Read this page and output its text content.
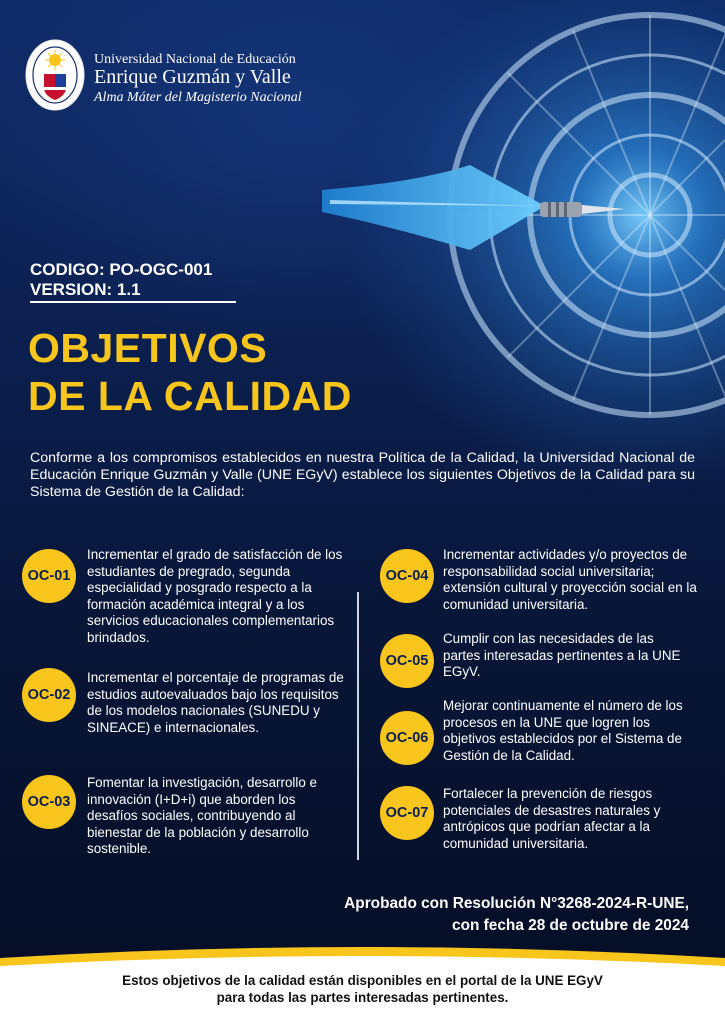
Universidad Nacional de Educación
Enrique Guzmán y Valle
Alma Máter del Magisterio Nacional
CODIGO: PO-OGC-001
VERSION: 1.1
OBJETIVOS
DE LA CALIDAD
Conforme a los compromisos establecidos en nuestra Política de la Calidad, la Universidad Nacional de Educación Enrique Guzmán y Valle (UNE EGyV) establece los siguientes Objetivos de la Calidad para su Sistema de Gestión de la Calidad:
OC-01
Incrementar el grado de satisfacción de los estudiantes de pregrado, segunda especialidad y posgrado respecto a la formación académica integral y a los servicios educacionales complementarios brindados.
OC-02
Incrementar el porcentaje de programas de estudios autoevaluados bajo los requisitos de los modelos nacionales (SUNEDU y SINEACE) e internacionales.
OC-03
Fomentar la investigación, desarrollo e innovación (I+D+i) que aborden los desafíos sociales, contribuyendo al bienestar de la población y desarrollo sostenible.
OC-04
Incrementar actividades y/o proyectos de responsabilidad social universitaria; extensión cultural y proyección social en la comunidad universitaria.
OC-05
Cumplir con las necesidades de las partes interesadas pertinentes a la UNE EGyV.
OC-06
Mejorar continuamente el número de los procesos en la UNE que logren los objetivos establecidos por el Sistema de Gestión de la Calidad.
OC-07
Fortalecer la prevención de riesgos potenciales de desastres naturales y antrópicos que podrían afectar a la comunidad universitaria.
Aprobado con Resolución N°3268-2024-R-UNE,
con fecha 28 de octubre de 2024
Estos objetivos de la calidad están disponibles en el portal de la UNE EGyV
para todas las partes interesadas pertinentes.
